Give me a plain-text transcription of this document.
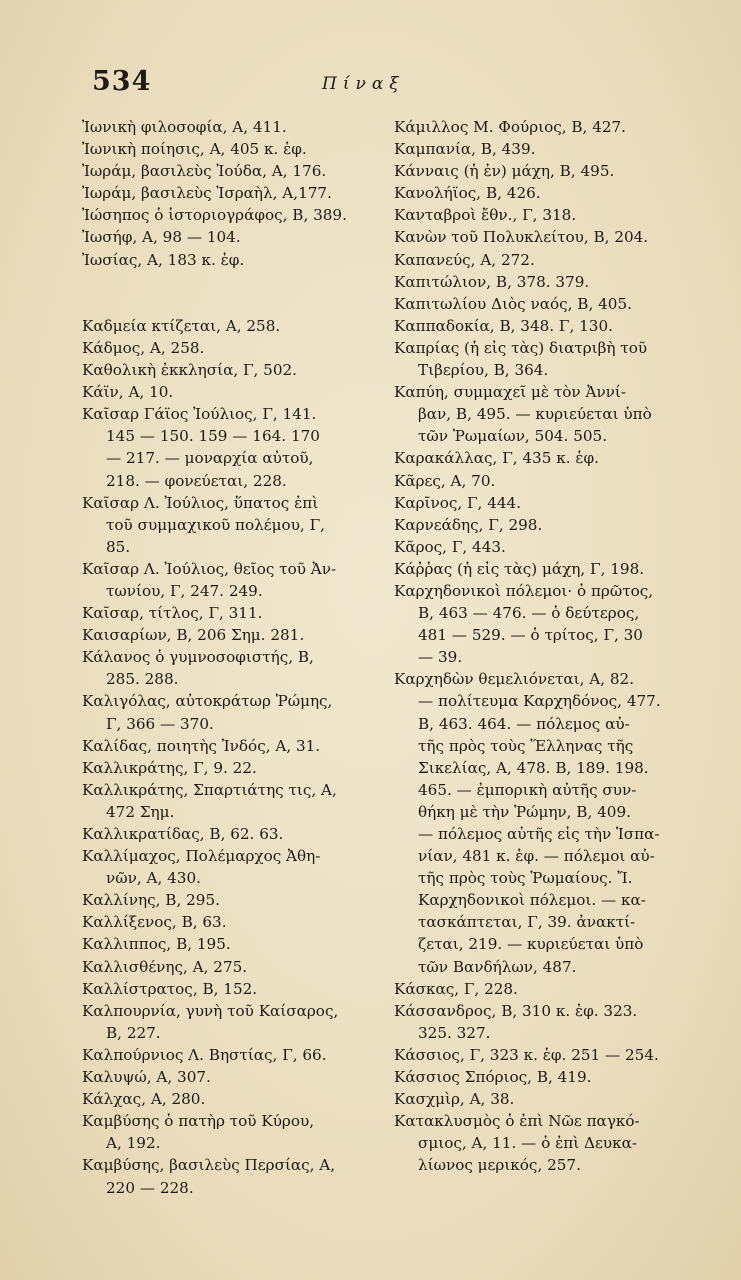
534	Πίναξ
Ἰωνικὴ φιλοσοφία, Α, 411.
Ἰωνικὴ ποίησις, Α, 405 κ. ἑφ.
Ἰωράμ, βασιλεὺς Ἰούδα, Α, 176.
Ἰωράμ, βασιλεὺς Ἰσραὴλ, Α,177.
Ἰώσηπος ὁ ἱστοριογράφος, Β, 389.
Ἰωσήφ, Α, 98 — 104.
Ἰωσίας, Α, 183 κ. ἑφ.
Καδμεία κτίζεται, Α, 258.
Κάδμος, Α, 258.
Καθολικὴ ἐκκλησία, Γ, 502.
Κάϊν, Α, 10.
Καῖσαρ Γάϊος Ἰούλιος, Γ, 141.
145 — 150. 159 — 164. 170
— 217. — μοναρχία αὐτοῦ,
218. — φονεύεται, 228.
Καῖσαρ Λ. Ἰούλιος, ὕπατος ἐπὶ
τοῦ συμμαχικοῦ πολέμου, Γ,
85.
Καῖσαρ Λ. Ἰούλιος, θεῖος τοῦ Ἀν-
τωνίου, Γ, 247. 249.
Καῖσαρ, τίτλος, Γ, 311.
Καισαρίων, Β, 206 Σημ. 281.
Κάλανος ὁ γυμνοσοφιστής, Β,
285. 288.
Καλιγόλας, αὐτοκράτωρ Ῥώμης,
Γ, 366 — 370.
Καλίδας, ποιητὴς Ἰνδός, Α, 31.
Καλλικράτης, Γ, 9. 22.
Καλλικράτης, Σπαρτιάτης τις, Α,
472 Σημ.
Καλλικρατίδας, Β, 62. 63.
Καλλίμαχος, Πολέμαρχος Ἀθη-
νῶν, Α, 430.
Καλλίνης, Β, 295.
Καλλίξενος, Β, 63.
Καλλιππος, Β, 195.
Καλλισθένης, Α, 275.
Καλλίστρατος, Β, 152.
Καλπουρνία, γυνὴ τοῦ Καίσαρος,
Β, 227.
Καλπούρνιος Λ. Βηστίας, Γ, 66.
Καλυψώ, Α, 307.
Κάλχας, Α, 280.
Καμβύσης ὁ πατὴρ τοῦ Κύρου,
Α, 192.
Καμβύσης, βασιλεὺς Περσίας, Α,
220 — 228.
Κάμιλλος Μ. Φούριος, Β, 427.
Καμπανία, Β, 439.
Κάνναις (ἡ ἐν) μάχη, Β, 495.
Κανολήϊος, Β, 426.
Κανταβροὶ ἔθν., Γ, 318.
Κανὼν τοῦ Πολυκλείτου, Β, 204.
Καπανεύς, Α, 272.
Καπιτώλιον, Β, 378. 379.
Καπιτωλίου Διὸς ναός, Β, 405.
Καππαδοκία, Β, 348. Γ, 130.
Καπρίας (ἡ εἰς τὰς) διατριβὴ τοῦ
Τιβερίου, Β, 364.
Καπύη, συμμαχεῖ μὲ τὸν Ἀννί-
βαν, Β, 495. — κυριεύεται ὑπὸ
τῶν Ῥωμαίων, 504. 505.
Καρακάλλας, Γ, 435 κ. ἑφ.
Κᾶρες, Α, 70.
Καρῖνος, Γ, 444.
Καρνεάδης, Γ, 298.
Κᾶρος, Γ, 443.
Κάῤῥας (ἡ εἰς τὰς) μάχη, Γ, 198.
Καρχηδονικοὶ πόλεμοι· ὁ πρῶτος,
Β, 463 — 476. — ὁ δεύτερος,
481 — 529. — ὁ τρίτος, Γ, 30
— 39.
Καρχηδὼν θεμελιόνεται, Α, 82.
— πολίτευμα Καρχηδόνος, 477.
Β, 463. 464. — πόλεμος αὐ-
τῆς πρὸς τοὺς Ἕλληνας τῆς
Σικελίας, Α, 478. Β, 189. 198.
465. — ἐμπορικὴ αὐτῆς συν-
θήκη μὲ τὴν Ῥώμην, Β, 409.
— πόλεμος αὐτῆς εἰς τὴν Ἱσπα-
νίαν, 481 κ. ἑφ. — πόλεμοι αὐ-
τῆς πρὸς τοὺς Ῥωμαίους. Ἴ.
Καρχηδονικοὶ πόλεμοι. — κα-
τασκάπτεται, Γ, 39. ἀνακτί-
ζεται, 219. — κυριεύεται ὑπὸ
τῶν Βανδήλων, 487.
Κάσκας, Γ, 228.
Κάσσανδρος, Β, 310 κ. ἑφ. 323.
325. 327.
Κάσσιος, Γ, 323 κ. ἑφ. 251 — 254.
Κάσσιος Σπόριος, Β, 419.
Κασχμὶρ, Α, 38.
Κατακλυσμὸς ὁ ἐπὶ Νῶε παγκό-
σμιος, Α, 11. — ὁ ἐπὶ Δευκα-
λίωνος μερικός, 257.
